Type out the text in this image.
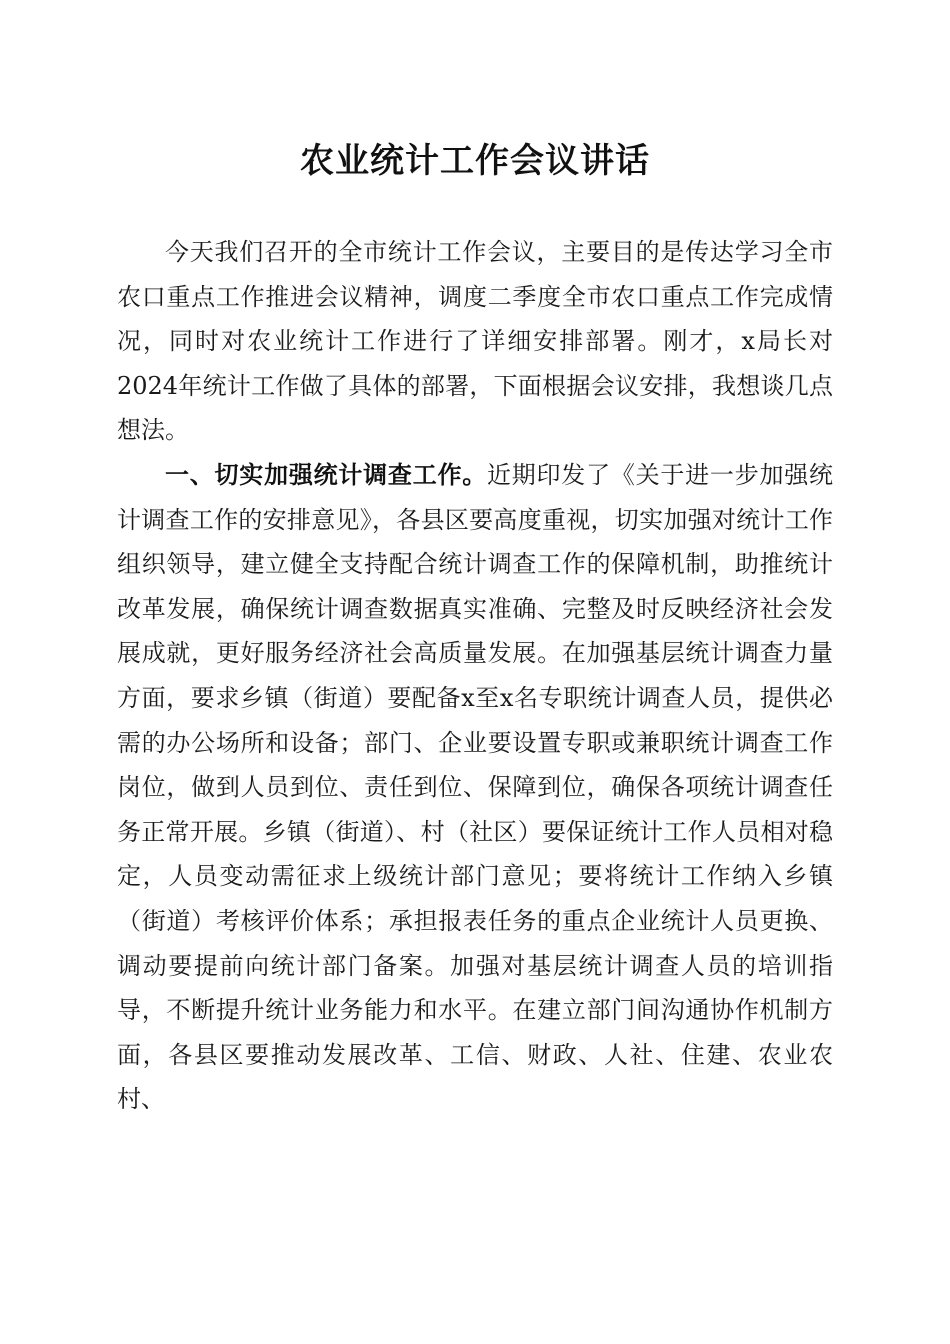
农业统计工作会议讲话

今天我们召开的全市统计工作会议，主要目的是传达学习全市农口重点工作推进会议精神，调度二季度全市农口重点工作完成情况，同时对农业统计工作进行了详细安排部署。刚才，x局长对2024年统计工作做了具体的部署，下面根据会议安排，我想谈几点想法。

一、切实加强统计调查工作。近期印发了《关于进一步加强统计调查工作的安排意见》，各县区要高度重视，切实加强对统计工作组织领导，建立健全支持配合统计调查工作的保障机制，助推统计改革发展，确保统计调查数据真实准确、完整及时反映经济社会发展成就，更好服务经济社会高质量发展。在加强基层统计调查力量方面，要求乡镇（街道）要配备x至x名专职统计调查人员，提供必需的办公场所和设备；部门、企业要设置专职或兼职统计调查工作岗位，做到人员到位、责任到位、保障到位，确保各项统计调查任务正常开展。乡镇（街道）、村（社区）要保证统计工作人员相对稳定，人员变动需征求上级统计部门意见；要将统计工作纳入乡镇（街道）考核评价体系；承担报表任务的重点企业统计人员更换、调动要提前向统计部门备案。加强对基层统计调查人员的培训指导，不断提升统计业务能力和水平。在建立部门间沟通协作机制方面，各县区要推动发展改革、工信、财政、人社、住建、农业农村、
